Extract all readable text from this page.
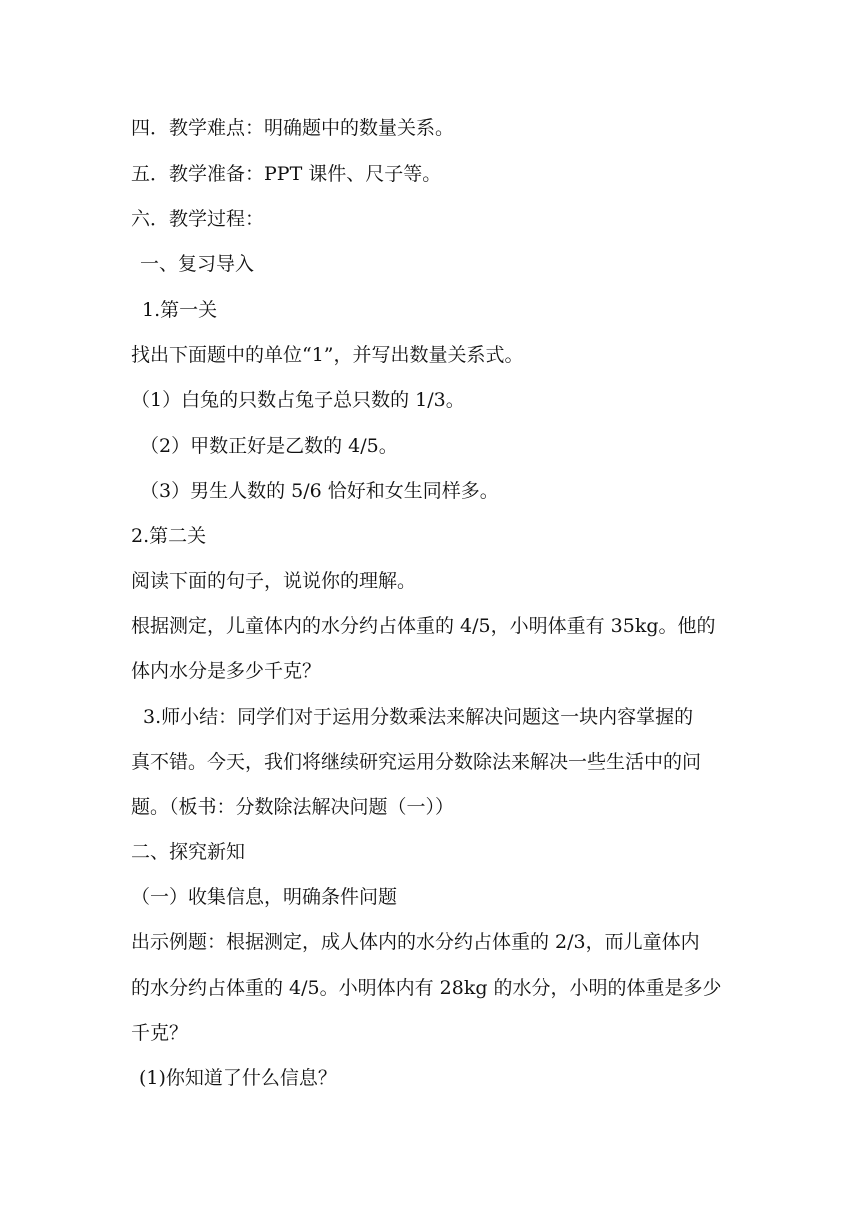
四．教学难点：明确题中的数量关系。

五．教学准备：PPT 课件、尺子等。

六．教学过程：

一、复习导入

1.第一关

找出下面题中的单位“1”，并写出数量关系式。

（1）白兔的只数占兔子总只数的 1/3。

（2）甲数正好是乙数的 4/5。

（3）男生人数的 5/6 恰好和女生同样多。

2.第二关

阅读下面的句子，说说你的理解。

根据测定，儿童体内的水分约占体重的 4/5，小明体重有 35kg。他的

体内水分是多少千克？

3.师小结：同学们对于运用分数乘法来解决问题这一块内容掌握的

真不错。今天，我们将继续研究运用分数除法来解决一些生活中的问

题。（板书：分数除法解决问题（一））

二、探究新知

（一）收集信息，明确条件问题

出示例题：根据测定，成人体内的水分约占体重的 2/3，而儿童体内

的水分约占体重的 4/5。小明体内有 28kg 的水分，小明的体重是多少

千克？

(1)你知道了什么信息？
